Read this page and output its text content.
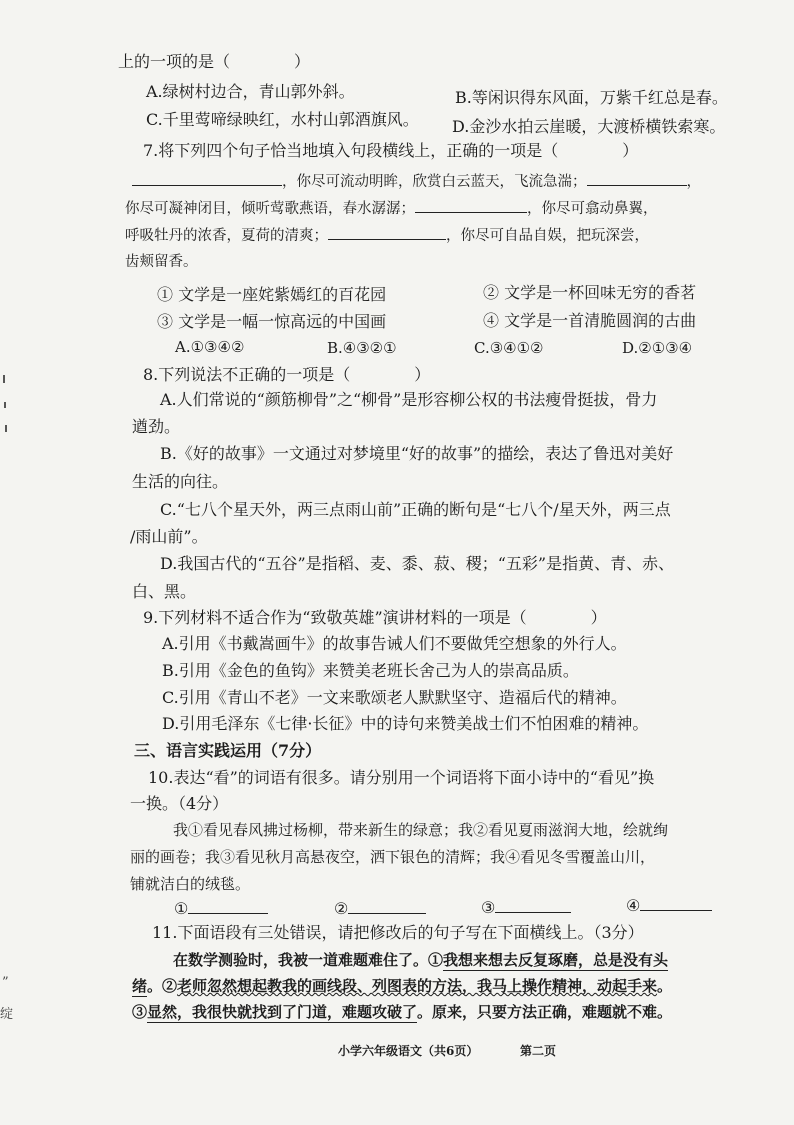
上的一项的是（　　　　）
A.绿树村边合，青山郭外斜。	B.等闲识得东风面，万紫千红总是春。
C.千里莺啼绿映红，水村山郭酒旗风。 D.金沙水拍云崖暖，大渡桥横铁索寒。
7.将下列四个句子恰当地填入句段横线上，正确的一项是（　　　　）
，你尽可流动明眸，欣赏白云蓝天，飞流急湍；	，
你尽可凝神闭目，倾听莺歌燕语，春水潺潺；	，你尽可翕动鼻翼，
呼吸牡丹的浓香，夏荷的清爽；	，你尽可自品自娱，把玩深尝，
齿颊留香。
① 文学是一座姹紫嫣红的百花园	② 文学是一杯回味无穷的香茗
③ 文学是一幅一惊高远的中国画	④ 文学是一首清脆圆润的古曲
A.①③④②	B.④③②①	C.③④①②	D.②①③④
8.下列说法不正确的一项是（　　　　）
A.人们常说的“颜筋柳骨”之“柳骨”是形容柳公权的书法瘦骨挺拔，骨力
遒劲。
B.《好的故事》一文通过对梦境里“好的故事”的描绘，表达了鲁迅对美好
生活的向往。
C.“七八个星天外，两三点雨山前”正确的断句是“七八个/星天外，两三点
/雨山前”。
D.我国古代的“五谷”是指稻、麦、黍、菽、稷；“五彩”是指黄、青、赤、
白、黑。
9.下列材料不适合作为“致敬英雄”演讲材料的一项是（　　　　）
A.引用《书戴嵩画牛》的故事告诫人们不要做凭空想象的外行人。
B.引用《金色的鱼钩》来赞美老班长舍己为人的崇高品质。
C.引用《青山不老》一文来歌颂老人默默坚守、造福后代的精神。
D.引用毛泽东《七律·长征》中的诗句来赞美战士们不怕困难的精神。
三、语言实践运用（7分）
10.表达“看”的词语有很多。请分别用一个词语将下面小诗中的“看见”换
一换。（4分）
我①看见春风拂过杨柳，带来新生的绿意；我②看见夏雨滋润大地，绘就绚
丽的画卷；我③看见秋月高悬夜空，洒下银色的清辉；我④看见冬雪覆盖山川，
铺就洁白的绒毯。
①	②	③	④
11.下面语段有三处错误，请把修改后的句子写在下面横线上。（3分）
在数学测验时，我被一道难题难住了。①我想来想去反复琢磨，总是没有头
绪。②老师忽然想起教我的画线段、列图表的方法，我马上操作精神，动起手来。
③显然，我很快就找到了门道，难题攻破了。原来，只要方法正确，难题就不难。
小学六年级语文（共6页）	第二页
”
绽
